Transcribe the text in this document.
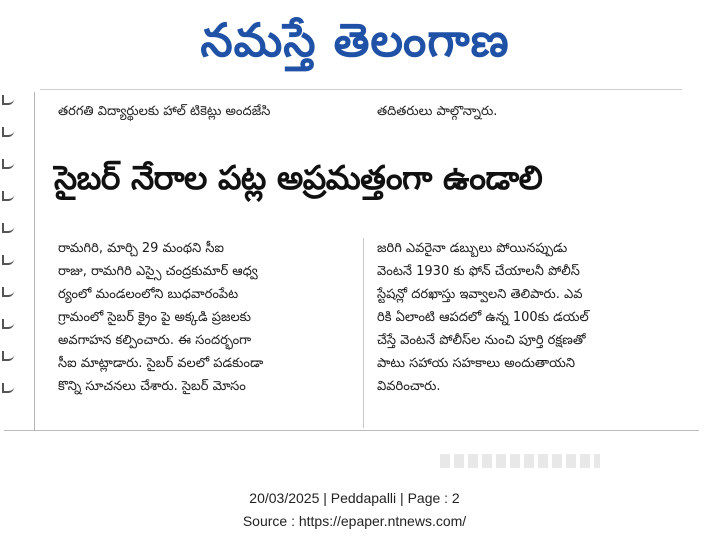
నమస్తే తెలంగాణ
తరగతి విద్యార్థులకు హాల్ టికెట్లు అందజేసి	తదితరులు పాల్గొన్నారు.
సైబర్ నేరాల పట్ల అప్రమత్తంగా ఉండాలి
రామగిరి, మార్చి 29 మంథని సీఐ
రాజు, రామగిరి ఎస్సై చంద్రకుమార్ ఆధ్వ
ర్యంలో మండలంలోని బుధవారంపేట
గ్రామంలో సైబర్ క్రైం పై అక్కడి ప్రజలకు
అవగాహన కల్పించారు. ఈ సందర్భంగా
సీఐ మాట్లాడారు. సైబర్ వలలో పడకుండా
కొన్ని సూచనలు చేశారు. సైబర్ మోసం
జరిగి ఎవరైనా డబ్బులు పోయినప్పుడు
వెంటనే 1930 కు ఫోన్ చేయాలనీ పోలీస్
స్టేషన్లో దరఖాస్తు ఇవ్వాలని తెలిపారు. ఎవ
రికి ఏలాంటి ఆపదలో ఉన్న 100కు డయల్
చేస్తే వెంటనే పోలీస్‌ల నుంచి పూర్తి రక్షణతో
పాటు సహాయ సహకాలు అందుతాయని
వివరించారు.
20/03/2025 | Peddapalli | Page : 2
Source : https://epaper.ntnews.com/
